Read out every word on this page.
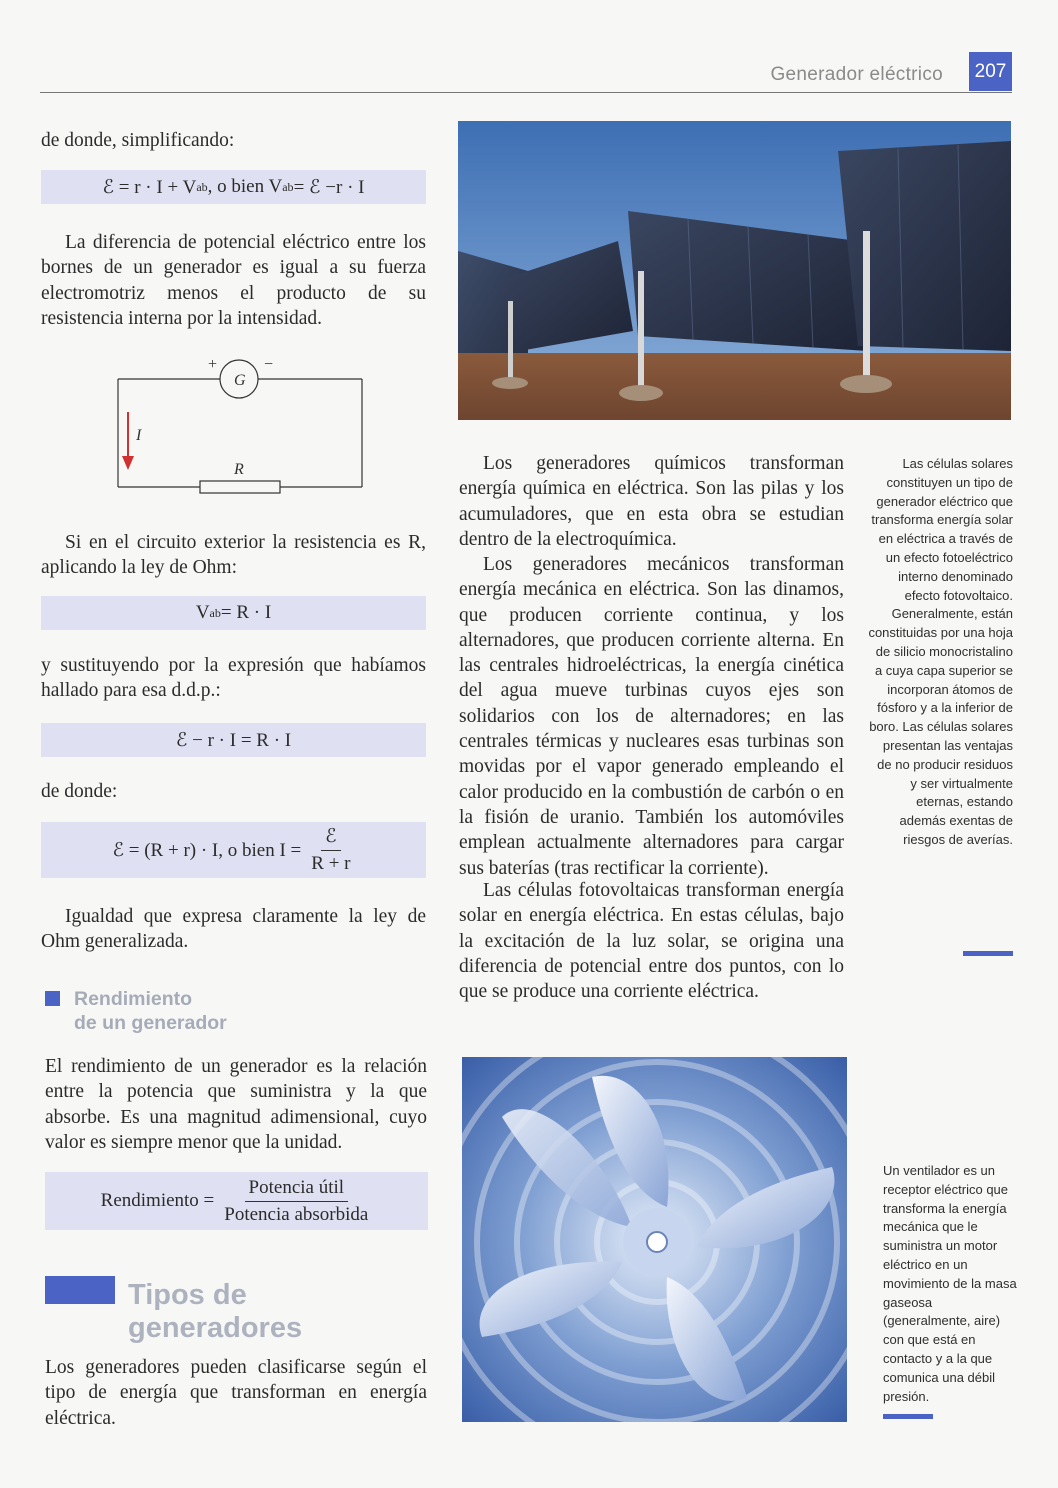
Generador eléctrico 207

de donde, simplificando:

ℰ = r · I + V ab , o bien V ab = ℰ −r · I

La diferencia de potencial eléctrico entre los bornes de un generador es igual a su fuerza electromotriz menos el producto de su resistencia interna por la intensidad.

+	−
G
I
R

Si en el circuito exterior la resistencia es R, aplicando la ley de Ohm:

V ab = R · I

y sustituyendo por la expresión que habíamos hallado para esa d.d.p.:

ℰ − r · I = R · I

de donde:

ℰ = (R + r) · I, o bien $I = \frac{\text{ℰ}}{R + r}$

Igualdad que expresa claramente la ley de Ohm generalizada.

Rendimiento
de un generador

El rendimiento de un generador es la relación entre la potencia que suministra y la que absorbe. Es una magnitud adimensional, cuyo valor es siempre menor que la unidad.

Rendimiento = $\frac{\text{Potencia útil}}{\text{Potencia absorbida}}$
Tipos de
generadores

Los generadores pueden clasificarse según el tipo de energía que transforman en energía eléctrica.

Los generadores químicos transforman energía química en eléctrica. Son las pilas y los acumuladores, que en esta obra se estudian dentro de la electroquímica.

Los generadores mecánicos transforman energía mecánica en eléctrica. Son las dinamos, que producen corriente continua, y los alternadores, que producen corriente alterna. En las centrales hidroeléctricas, la energía cinética del agua mueve turbinas cuyos ejes son solidarios con los de alternadores; en las centrales térmicas y nucleares esas turbinas son movidas por el vapor generado empleando el calor producido en la combustión de carbón o en la fisión de uranio. También los automóviles emplean actualmente alternadores para cargar sus baterías (tras rectificar la corriente).

Las células fotovoltaicas transforman energía solar en energía eléctrica. En estas células, bajo la excitación de la luz solar, se origina una diferencia de potencial entre dos puntos, con lo que se produce una corriente eléctrica.

Las células solares constituyen un tipo de generador eléctrico que transforma energía solar en eléctrica a través de un efecto fotoeléctrico interno denominado efecto fotovoltaico. Generalmente, están constituidas por una hoja de silicio monocristalino a cuya capa superior se incorporan átomos de fósforo y a la inferior de boro. Las células solares presentan las ventajas de no producir residuos y ser virtualmente eternas, estando además exentas de riesgos de averías.

Un ventilador es un receptor eléctrico que transforma la energía mecánica que le suministra un motor eléctrico en un movimiento de la masa gaseosa (generalmente, aire) con que está en contacto y a la que comunica una débil presión.
